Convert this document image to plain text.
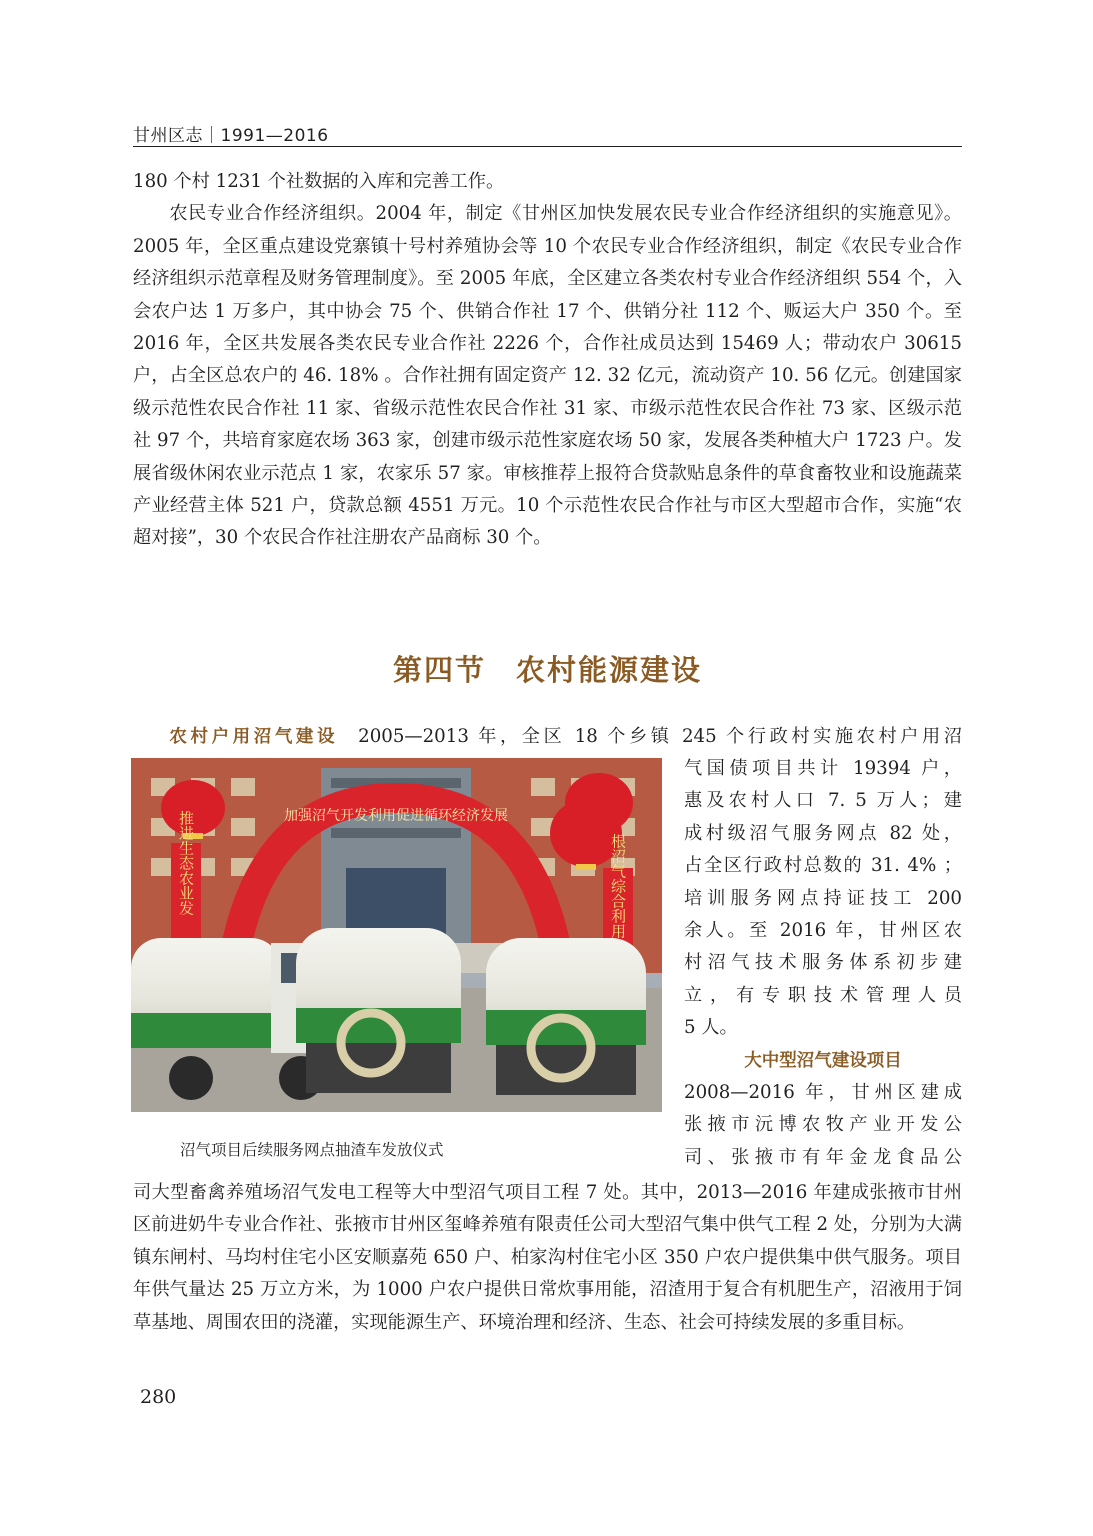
甘州区志｜1991—2016

180 个村 1231 个社数据的入库和完善工作。

农民专业合作经济组织。2004 年，制定《甘州区加快发展农民专业合作经济组织的实施意见》。2005 年，全区重点建设党寨镇十号村养殖协会等 10 个农民专业合作经济组织，制定《农民专业合作经济组织示范章程及财务管理制度》。至 2005 年底，全区建立各类农村专业合作经济组织 554 个，入会农户达 1 万多户，其中协会 75 个、供销合作社 17 个、供销分社 112 个、贩运大户 350 个。至 2016 年，全区共发展各类农民专业合作社 2226 个，合作社成员达到 15469 人；带动农户 30615 户，占全区总农户的 46. 18% 。合作社拥有固定资产 12. 32 亿元，流动资产 10. 56 亿元。创建国家级示范性农民合作社 11 家、省级示范性农民合作社 31 家、市级示范性农民合作社 73 家、区级示范社 97 个，共培育家庭农场 363 家，创建市级示范性家庭农场 50 家，发展各类种植大户 1723 户。发展省级休闲农业示范点 1 家，农家乐 57 家。审核推荐上报符合贷款贴息条件的草食畜牧业和设施蔬菜产业经营主体 521 户，贷款总额 4551 万元。10 个示范性农民合作社与市区大型超市合作，实施“农超对接”，30 个农民合作社注册农产品商标 30 个。

第四节 农村能源建设

农村户用沼气建设 2005—2013 年，全区 18 个乡镇 245 个行政村实施农村户用沼

加强沼气开发利用促进循环经济发展
推进生态农业发	根沼气综合利用
沼气项目后续服务网点抽渣车发放仪式

气国债项目共计 19394 户，

惠及农村人口 7. 5 万人；建

成村级沼气服务网点 82 处，

占全区行政村总数的 31. 4% ；

培训服务网点持证技工 200

余人。至 2016 年，甘州区农

村沼气技术服务体系初步建

立，有专职技术管理人员

5 人。

大中型沼气建设项目

2008—2016 年，甘州区建成

张掖市沅博农牧产业开发公

司、张掖市有年金龙食品公

司大型畜禽养殖场沼气发电工程等大中型沼气项目工程 7 处。其中，2013—2016 年建成张掖市甘州区前进奶牛专业合作社、张掖市甘州区玺峰养殖有限责任公司大型沼气集中供气工程 2 处，分别为大满镇东闸村、马均村住宅小区安顺嘉苑 650 户、柏家沟村住宅小区 350 户农户提供集中供气服务。项目年供气量达 25 万立方米，为 1000 户农户提供日常炊事用能，沼渣用于复合有机肥生产，沼液用于饲草基地、周围农田的浇灌，实现能源生产、环境治理和经济、生态、社会可持续发展的多重目标。

280
